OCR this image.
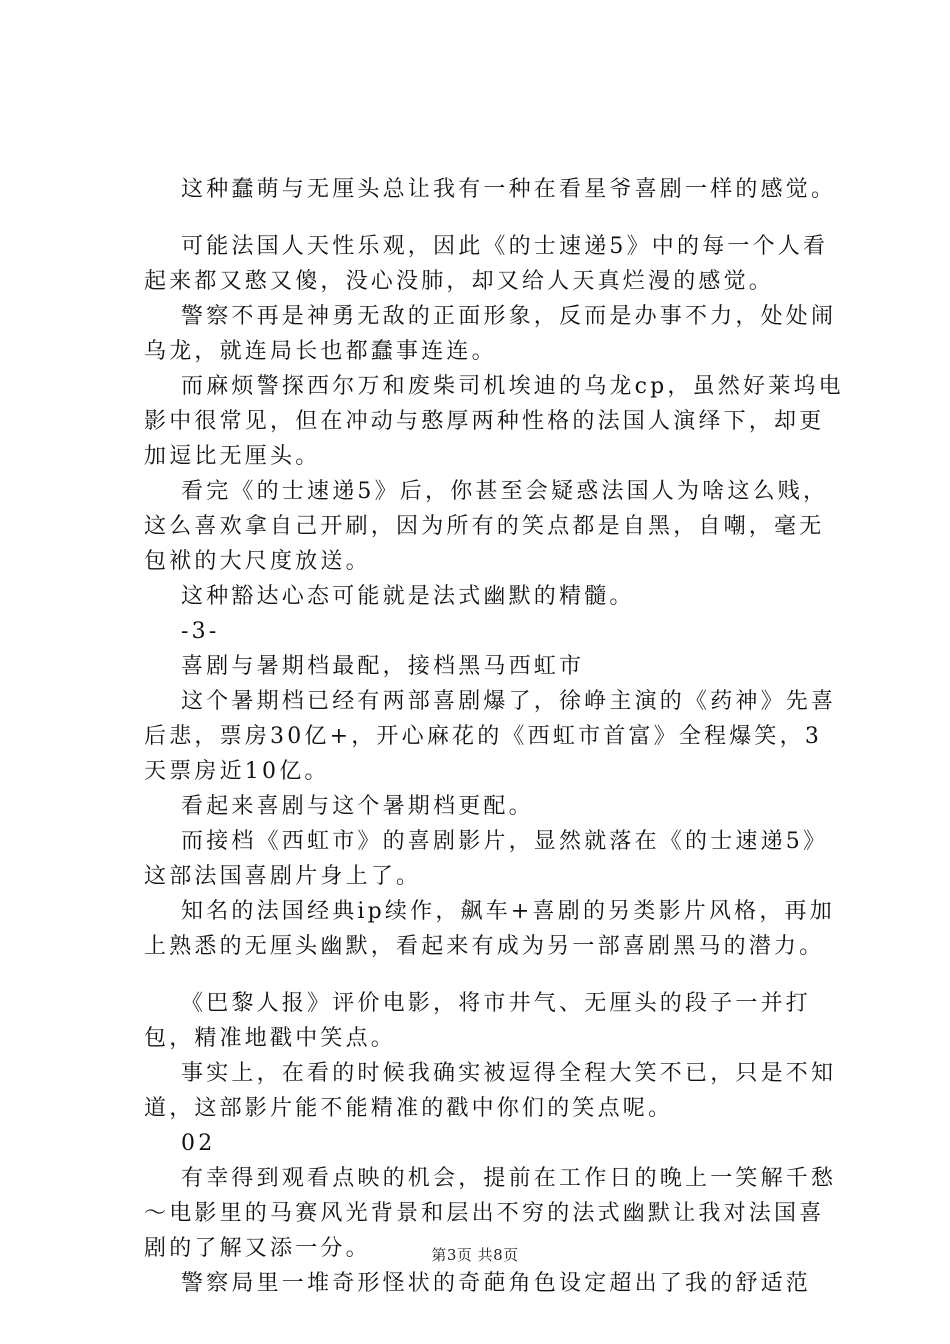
这种蠢萌与无厘头总让我有一种在看星爷喜剧一样的感觉。

可能法国人天性乐观，因此《的士速递5》中的每一个人看起来都又憨又傻，没心没肺，却又给人天真烂漫的感觉。

警察不再是神勇无敌的正面形象，反而是办事不力，处处闹乌龙，就连局长也都蠢事连连。

而麻烦警探西尔万和废柴司机埃迪的乌龙cp，虽然好莱坞电影中很常见，但在冲动与憨厚两种性格的法国人演绎下，却更加逗比无厘头。

看完《的士速递5》后，你甚至会疑惑法国人为啥这么贱，这么喜欢拿自己开刷，因为所有的笑点都是自黑，自嘲，毫无包袱的大尺度放送。

这种豁达心态可能就是法式幽默的精髓。

-3-

喜剧与暑期档最配，接档黑马西虹市

这个暑期档已经有两部喜剧爆了，徐峥主演的《药神》先喜后悲，票房30亿+，开心麻花的《西虹市首富》全程爆笑，3天票房近10亿。

看起来喜剧与这个暑期档更配。

而接档《西虹市》的喜剧影片，显然就落在《的士速递5》这部法国喜剧片身上了。

知名的法国经典ip续作，飙车+喜剧的另类影片风格，再加上熟悉的无厘头幽默，看起来有成为另一部喜剧黑马的潜力。

《巴黎人报》评价电影，将市井气、无厘头的段子一并打包，精准地戳中笑点。

事实上，在看的时候我确实被逗得全程大笑不已，只是不知道，这部影片能不能精准的戳中你们的笑点呢。

02

有幸得到观看点映的机会，提前在工作日的晚上一笑解千愁～电影里的马赛风光背景和层出不穷的法式幽默让我对法国喜剧的了解又添一分。

警察局里一堆奇形怪状的奇葩角色设定超出了我的舒适范

第3页 共8页
